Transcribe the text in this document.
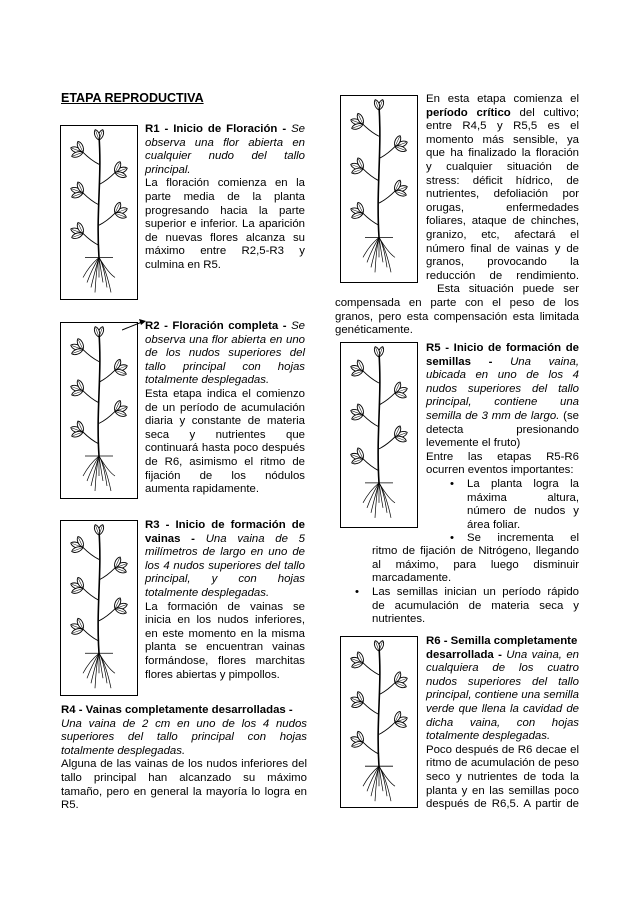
ETAPA REPRODUCTIVA
R1 - Inicio de Floración - Se
observa una flor abierta en
cualquier nudo del tallo
principal.
La floración comienza en la
parte media de la planta
progresando hacia la parte
superior e inferior. La aparición
de nuevas flores alcanza su
máximo entre R2,5-R3 y
culmina en R5.
R2 - Floración completa - Se
observa una flor abierta en uno
de los nudos superiores del
tallo principal con hojas
totalmente desplegadas.
Esta etapa indica el comienzo
de un período de acumulación
diaria y constante de materia
seca y nutrientes que
continuará hasta poco después
de R6, asimismo el ritmo de
fijación de los nódulos
aumenta rapidamente.
R3 - Inicio de formación de
vainas - Una vaina de 5
milímetros de largo en uno de
los 4 nudos superiores del tallo
principal, y con hojas
totalmente desplegadas.
La formación de vainas se
inicia en los nudos inferiores,
en este momento en la misma
planta se encuentran vainas
formándose, flores marchitas
flores abiertas y pimpollos.
R4 - Vainas completamente desarrolladas -
Una vaina de 2 cm en uno de los 4 nudos
superiores del tallo principal con hojas
totalmente desplegadas.
Alguna de las vainas de los nudos inferiores del
tallo principal han alcanzado su máximo
tamaño, pero en general la mayoría lo logra en
R5.
En esta etapa comienza el
período crítico del cultivo;
entre R4,5 y R5,5 es el
momento más sensible, ya
que ha finalizado la floración
y cualquier situación de
stress: déficit hídrico, de
nutrientes, defoliación por
orugas, enfermedades
foliares, ataque de chinches,
granizo, etc, afectará el
número final de vainas y de
granos, provocando la
reducción de rendimiento.
Esta situación puede ser
compensada en parte con el peso de los
granos, pero esta compensación esta limitada
genéticamente.
R5 - Inicio de formación de
semillas - Una vaina,
ubicada en uno de los 4
nudos superiores del tallo
principal, contiene una
semilla de 3 mm de largo. (se
detecta presionando
levemente el fruto)
Entre las etapas R5-R6
ocurren eventos importantes:
• La planta logra la
máxima altura,
número de nudos y
área foliar.
• Se incrementa el
ritmo de fijación de Nitrógeno, llegando
al máximo, para luego disminuir
marcadamente.
• Las semillas inician un período rápido
de acumulación de materia seca y
nutrientes.
R6 - Semilla completamente
desarrollada - Una vaina, en
cualquiera de los cuatro
nudos superiores del tallo
principal, contiene una semilla
verde que llena la cavidad de
dicha vaina, con hojas
totalmente desplegadas.
Poco después de R6 decae el
ritmo de acumulación de peso
seco y nutrientes de toda la
planta y en las semillas poco
después de R6,5. A partir de
